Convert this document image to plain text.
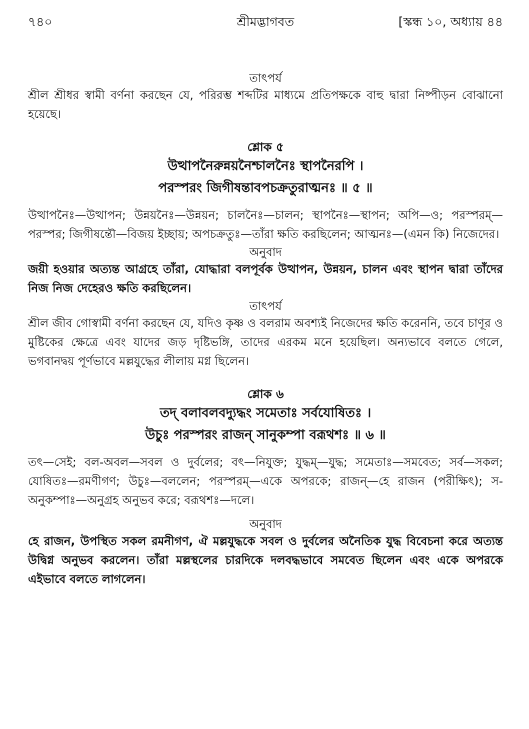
৭৪০	শ্রীমদ্ভাগবত	[স্কন্ধ ১০, অধ্যায় ৪৪

তাৎপর্য

শ্রীল শ্রীধর স্বামী বর্ণনা করছেন যে, পরিরম্ভ শব্দটির মাধ্যমে প্রতিপক্ষকে বাহু দ্বারা নিষ্পীড়ন বোঝানো হয়েছে।

শ্লোক ৫

উত্থাপনৈরুন্নয়নৈশ্চালনৈঃ স্থাপনৈরপি ।

পরস্পরং জিগীষন্তাবপচক্রতুরাত্মনঃ ॥ ৫ ॥

উত্থাপনৈঃ—উত্থাপন; উন্নয়নৈঃ—উন্নয়ন; চালনৈঃ—চালন; স্থাপনৈঃ—স্থাপন; অপি—ও; পরস্পরম্—পরস্পর; জিগীষন্তৌ—বিজয় ইচ্ছায়; অপচক্রতুঃ—তাঁরা ক্ষতি করছিলেন; আত্মনঃ—(এমন কি) নিজেদের।

অনুবাদ

জয়ী হওয়ার অত্যন্ত আগ্রহে তাঁরা, যোদ্ধারা বলপূর্বক উত্থাপন, উন্নয়ন, চালন এবং স্থাপন দ্বারা তাঁদের নিজ নিজ দেহেরও ক্ষতি করছিলেন।

তাৎপর্য

শ্রীল জীব গোস্বামী বর্ণনা করছেন যে, যদিও কৃষ্ণ ও বলরাম অবশ্যই নিজেদের ক্ষতি করেননি, তবে চাণূর ও মুষ্টিকের ক্ষেত্রে এবং যাদের জড় দৃষ্টিভঙ্গি, তাদের এরকম মনে হয়েছিল। অন্যভাবে বলতে গেলে, ভগবানদ্বয় পূর্ণভাবে মল্লযুদ্ধের লীলায় মগ্ন ছিলেন।

শ্লোক ৬

তদ্ বলাবলবদ্যুদ্ধং সমেতাঃ সর্বযোষিতঃ ।

উচুঃ পরস্পরং রাজন্ সানুকম্পা বরূথশঃ ॥ ৬ ॥

তৎ—সেই; বল-অবল—সবল ও দুর্বলের; বৎ—নিযুক্ত; যুদ্ধম্—যুদ্ধ; সমেতাঃ—সমবেত; সর্ব—সকল; যোষিতঃ—রমণীগণ; উচুঃ—বললেন; পরস্পরম্—একে অপরকে; রাজন্—হে রাজন (পরীক্ষিৎ); স-অনুকম্পাঃ—অনুগ্রহ অনুভব করে; বরূথশঃ—দলে।

অনুবাদ

হে রাজন, উপস্থিত সকল রমনীগণ, ঐ মল্লযুদ্ধকে সবল ও দুর্বলের অনৈতিক যুদ্ধ বিবেচনা করে অত্যন্ত উদ্বিগ্ন অনুভব করলেন। তাঁরা মল্লস্থলের চারদিকে দলবদ্ধভাবে সমবেত ছিলেন এবং একে অপরকে এইভাবে বলতে লাগলেন।
